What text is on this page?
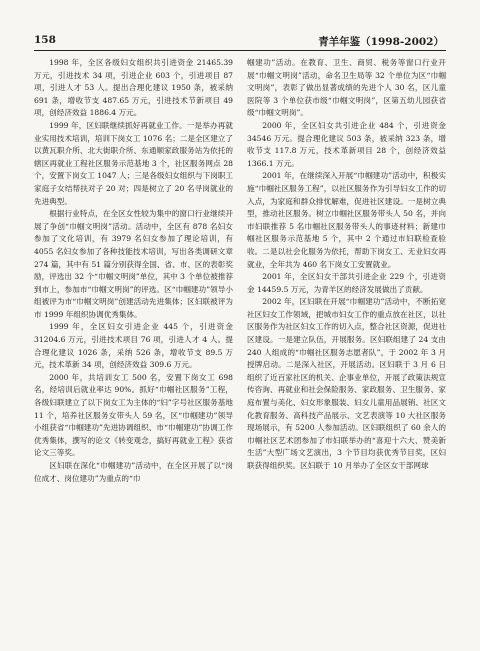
158	青羊年鉴（1998-2002）

1998 年，全区各级妇女组织共引进资金 21465.39 万元，引进技术 34 项，引进企业 603 个，引进项目 87 项，引进人才 53 人。提出合理化建议 1950 条，被采纳 691 条，增收节支 487.65 万元，引进技术节新项目 49 项，创经济效益 1886.4 万元。

1999 年，区妇联继续抓好再就业工作。一是举办再就业实用技术培训，培训下岗女工 1076 名；二是全区建立了以黄瓦职介所、北大街职介所、东通顺家政服务站为依托的辖区再就业工程社区服务示范基地 3 个，社区服务网点 28 个，安置下岗女工 1047 人；三是各级妇女组织与下岗职工家庭子女结帮扶对子 20 对；四是树立了 20 名寻岗就业的先进典型。

根据行业特点，在全区女性较为集中的窗口行业继续开展了争创“巾帼文明岗”活动。活动中，全区有 878 名妇女参加了文化培训，有 3979 名妇女参加了理论培训，有 4055 名妇女参加了各种技能技术培训，写出各类调研文章 274 篇，其中有 51 篇分别获得全国、省、市、区的表彰奖励，评选出 32 个“巾帼文明岗”单位，其中 3 个单位被推荐到市上，参加市“巾帼文明岗”的评选。区“巾帼建功”领导小组被评为市“巾帼文明岗”创建活动先进集体；区妇联被评为市 1999 年组织协调优秀集体。

1999 年，全区妇女引进企业 445 个，引进资金 31204.6 万元，引进技术项目 76 项，引进人才 4 人。提合理化建议 1026 条，采纳 526 条，增收节支 89.5 万元，技术革新 34 项，创经济效益 309.6 万元。

2000 年，共培训女工 500 名，安置下岗女工 698 名，经培训后就业率达 90%。抓好“巾帼社区服务”工程，各级妇联建立了以下岗女工为主体的“妇”字号社区服务基地 11 个，培养社区服务女带头人 59 名，区“巾帼建功”领导小组获省“巾帼建功”先进协调组织、市“巾帼建功”协调工作优秀集体，撰写的论文《转变观念，搞好再就业工程》获省论文三等奖。

区妇联在深化“巾帼建功”活动中，在全区开展了以“岗位成才、岗位建功”为重点的“巾

帼建功”活动。在教育、卫生、商贸、税务等窗口行业开展“巾帼文明岗”活动，命名卫生局等 32 个单位为区“巾帼文明岗”，表彰了做出显著成绩的先进个人 30 名，区儿童医院等 3 个单位获市级“巾帼文明岗”，区第五幼儿园获省级“巾帼文明岗”。

2000 年，全区妇女共引进企业 484 个，引进资金 34546 万元。提合理化建议 503 条，被采纳 323 条，增收节支 117.8 万元，技术革新项目 28 个，创经济效益 1366.1 万元。

2001 年，在继续深入开展“巾帼建功”活动中，积极实施“巾帼社区服务工程”，以社区服务作为引导妇女工作的切入点，为家庭和群众排忧解难，促进社区建设。一是树立典型，推动社区服务。树立巾帼社区服务带头人 50 名，并向市妇联推荐 5 名巾帼社区服务带头人的事迹材料；新建巾帼社区服务示范基地 5 个，其中 2 个通过市妇联检查验收。二是以社会化服务为依托，帮助下岗女工、无业妇女再就业，全年共为 460 名下岗女工安置就业。

2001 年，全区妇女干部共引进企业 229 个，引进资金 14459.5 万元，为青羊区的经济发展做出了贡献。

2002 年，区妇联在开展“巾帼建功”活动中，不断拓宽社区妇女工作领域，把城市妇女工作的重点放在社区，以社区服务作为社区妇女工作的切入点，整合社区资源，促进社区建设。一是建立队伍，开展服务。区妇联组建了 24 支由 240 人组成的“巾帼社区服务志愿者队”，于 2002 年 3 月授牌启动。二是深入社区，开展活动。区妇联于 3 月 6 日组织了近百家社区的机关、企事业单位，开展了政策法规宣传咨询、再就业和社会保险服务、家政服务、卫生服务、家庭布置与美化、妇女形象服装、妇女儿童用品展销、社区文化教育服务、高科技产品展示、文艺表演等 10 大社区服务现场展示，有 5200 人参加活动。区妇联组织了 60 余人的巾帼社区艺术团参加了市妇联举办的“喜迎十六大、赞美新生活”大型广场文艺演出，3 个节目均获优秀节目奖，区妇联获得组织奖。区妇联于 10 月举办了全区女干部网球
